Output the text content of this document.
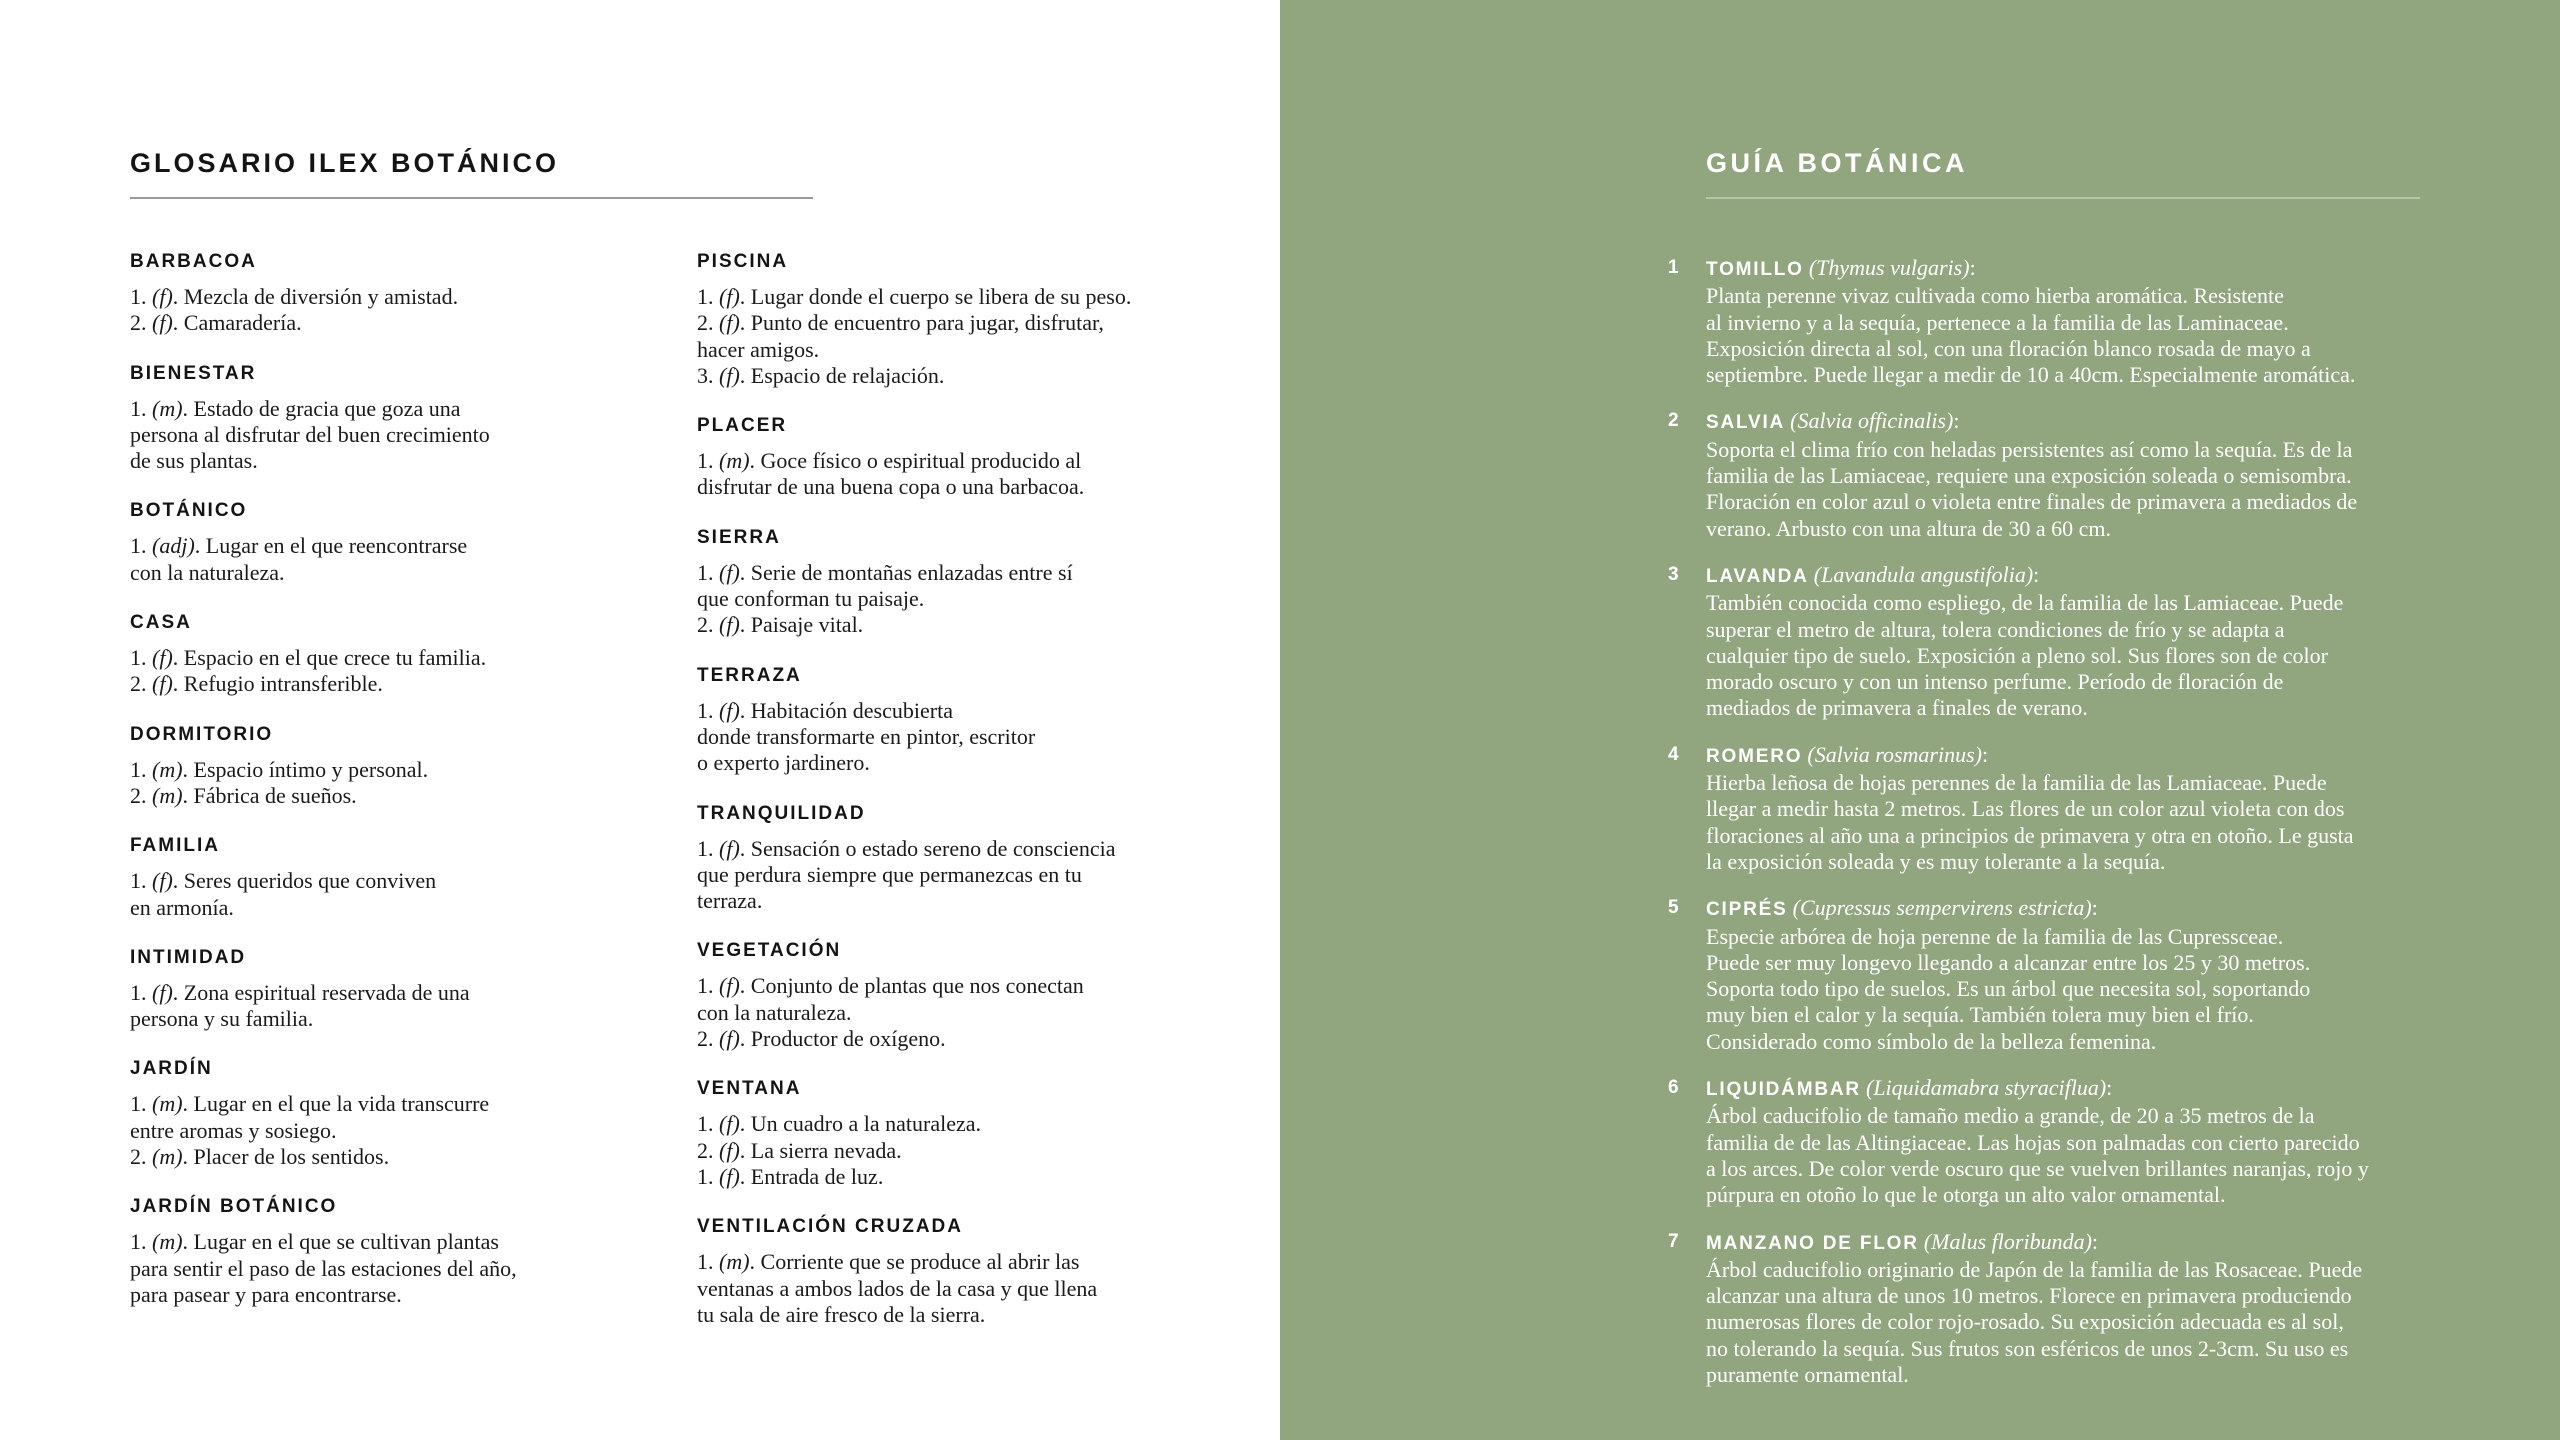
GLOSARIO ILEX BOTÁNICO
BARBACOA
1. (f). Mezcla de diversión y amistad.
2. (f). Camaradería.
BIENESTAR
1. (m). Estado de gracia que goza una
persona al disfrutar del buen crecimiento
de sus plantas.
BOTÁNICO
1. (adj). Lugar en el que reencontrarse
con la naturaleza.
CASA
1. (f). Espacio en el que crece tu familia.
2. (f). Refugio intransferible.
DORMITORIO
1. (m). Espacio íntimo y personal.
2. (m). Fábrica de sueños.
FAMILIA
1. (f). Seres queridos que conviven
en armonía.
INTIMIDAD
1. (f). Zona espiritual reservada de una
persona y su familia.
JARDÍN
1. (m). Lugar en el que la vida transcurre
entre aromas y sosiego.
2. (m). Placer de los sentidos.
JARDÍN BOTÁNICO
1. (m). Lugar en el que se cultivan plantas
para sentir el paso de las estaciones del año,
para pasear y para encontrarse.
PISCINA
1. (f). Lugar donde el cuerpo se libera de su peso.
2. (f). Punto de encuentro para jugar, disfrutar,
hacer amigos.
3. (f). Espacio de relajación.
PLACER
1. (m). Goce físico o espiritual producido al
disfrutar de una buena copa o una barbacoa.
SIERRA
1. (f). Serie de montañas enlazadas entre sí
que conforman tu paisaje.
2. (f). Paisaje vital.
TERRAZA
1. (f). Habitación descubierta
donde transformarte en pintor, escritor
o experto jardinero.
TRANQUILIDAD
1. (f). Sensación o estado sereno de consciencia
que perdura siempre que permanezcas en tu
terraza.
VEGETACIÓN
1. (f). Conjunto de plantas que nos conectan
con la naturaleza.
2. (f). Productor de oxígeno.
VENTANA
1. (f). Un cuadro a la naturaleza.
2. (f). La sierra nevada.
1. (f). Entrada de luz.
VENTILACIÓN CRUZADA
1. (m). Corriente que se produce al abrir las
ventanas a ambos lados de la casa y que llena
tu sala de aire fresco de la sierra.
GUÍA BOTÁNICA
1 TOMILLO (Thymus vulgaris):
Planta perenne vivaz cultivada como hierba aromática. Resistente
al invierno y a la sequía, pertenece a la familia de las Laminaceae.
Exposición directa al sol, con una floración blanco rosada de mayo a
septiembre. Puede llegar a medir de 10 a 40cm. Especialmente aromática.
2 SALVIA (Salvia officinalis):
Soporta el clima frío con heladas persistentes así como la sequía. Es de la
familia de las Lamiaceae, requiere una exposición soleada o semisombra.
Floración en color azul o violeta entre finales de primavera a mediados de
verano. Arbusto con una altura de 30 a 60 cm.
3 LAVANDA (Lavandula angustifolia):
También conocida como espliego, de la familia de las Lamiaceae. Puede
superar el metro de altura, tolera condiciones de frío y se adapta a
cualquier tipo de suelo. Exposición a pleno sol. Sus flores son de color
morado oscuro y con un intenso perfume. Período de floración de
mediados de primavera a finales de verano.
4 ROMERO (Salvia rosmarinus):
Hierba leñosa de hojas perennes de la familia de las Lamiaceae. Puede
llegar a medir hasta 2 metros. Las flores de un color azul violeta con dos
floraciones al año una a principios de primavera y otra en otoño. Le gusta
la exposición soleada y es muy tolerante a la sequía.
5 CIPRÉS (Cupressus sempervirens estricta):
Especie arbórea de hoja perenne de la familia de las Cupressceae.
Puede ser muy longevo llegando a alcanzar entre los 25 y 30 metros.
Soporta todo tipo de suelos. Es un árbol que necesita sol, soportando
muy bien el calor y la sequía. También tolera muy bien el frío.
Considerado como símbolo de la belleza femenina.
6 LIQUIDÁMBAR (Liquidamabra styraciflua):
Árbol caducifolio de tamaño medio a grande, de 20 a 35 metros de la
familia de de las Altingiaceae. Las hojas son palmadas con cierto parecido
a los arces. De color verde oscuro que se vuelven brillantes naranjas, rojo y
púrpura en otoño lo que le otorga un alto valor ornamental.
7 MANZANO DE FLOR (Malus floribunda):
Árbol caducifolio originario de Japón de la familia de las Rosaceae. Puede
alcanzar una altura de unos 10 metros. Florece en primavera produciendo
numerosas flores de color rojo-rosado. Su exposición adecuada es al sol,
no tolerando la sequía. Sus frutos son esféricos de unos 2-3cm. Su uso es
puramente ornamental.
